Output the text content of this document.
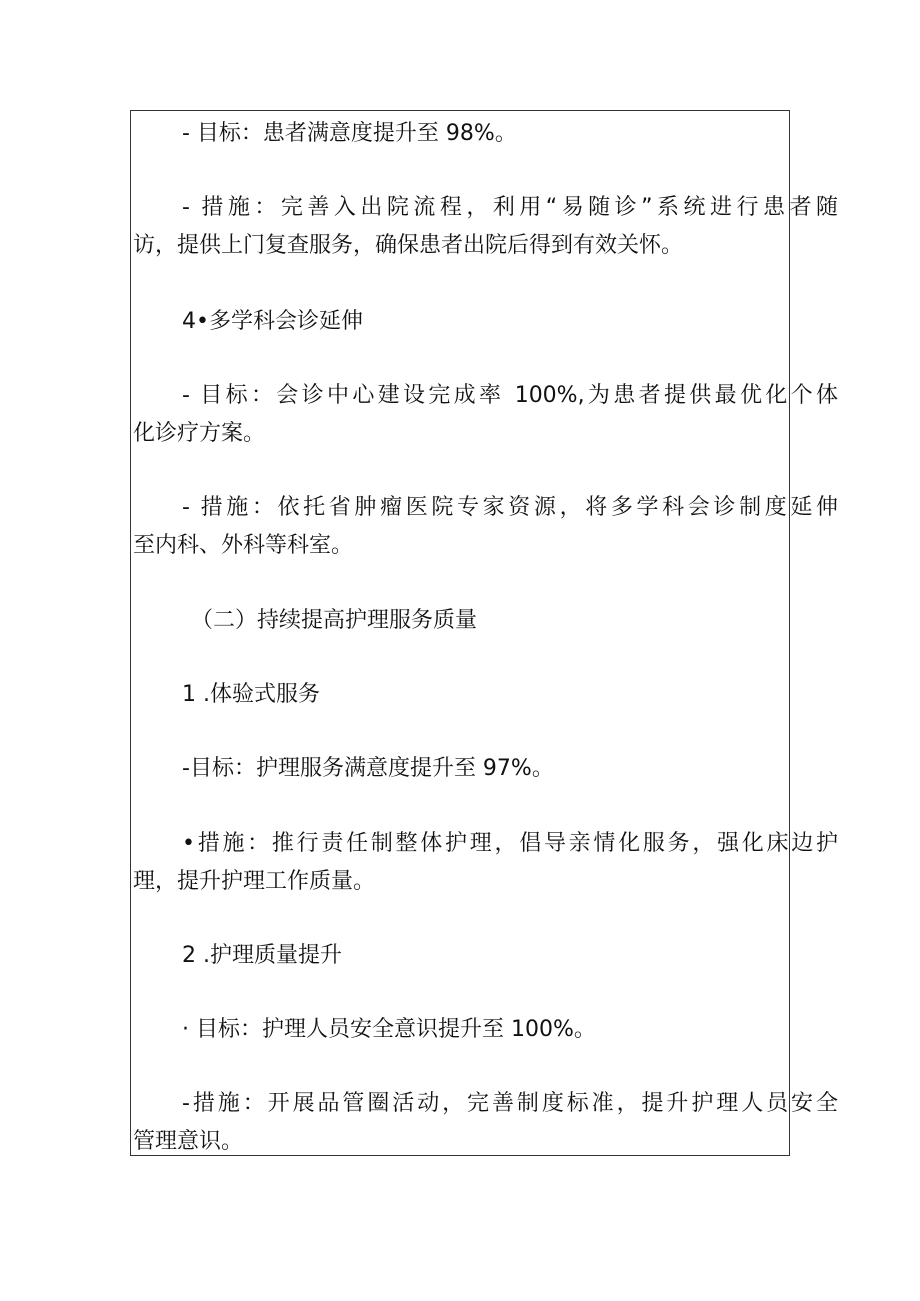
- 目标：患者满意度提升至 98%。
- 措施：完善入出院流程，利用“易随诊”系统进行患者随
访，提供上门复查服务，确保患者出院后得到有效关怀。
4•多学科会诊延伸
- 目标：会诊中心建设完成率 100%,为患者提供最优化个体
化诊疗方案。
- 措施：依托省肿瘤医院专家资源，将多学科会诊制度延伸
至内科、外科等科室。
（二）持续提高护理服务质量
1 .体验式服务
-目标：护理服务满意度提升至 97%。
•措施：推行责任制整体护理，倡导亲情化服务，强化床边护
理，提升护理工作质量。
2 .护理质量提升
· 目标：护理人员安全意识提升至 100%。
-措施：开展品管圈活动，完善制度标准，提升护理人员安全
管理意识。
